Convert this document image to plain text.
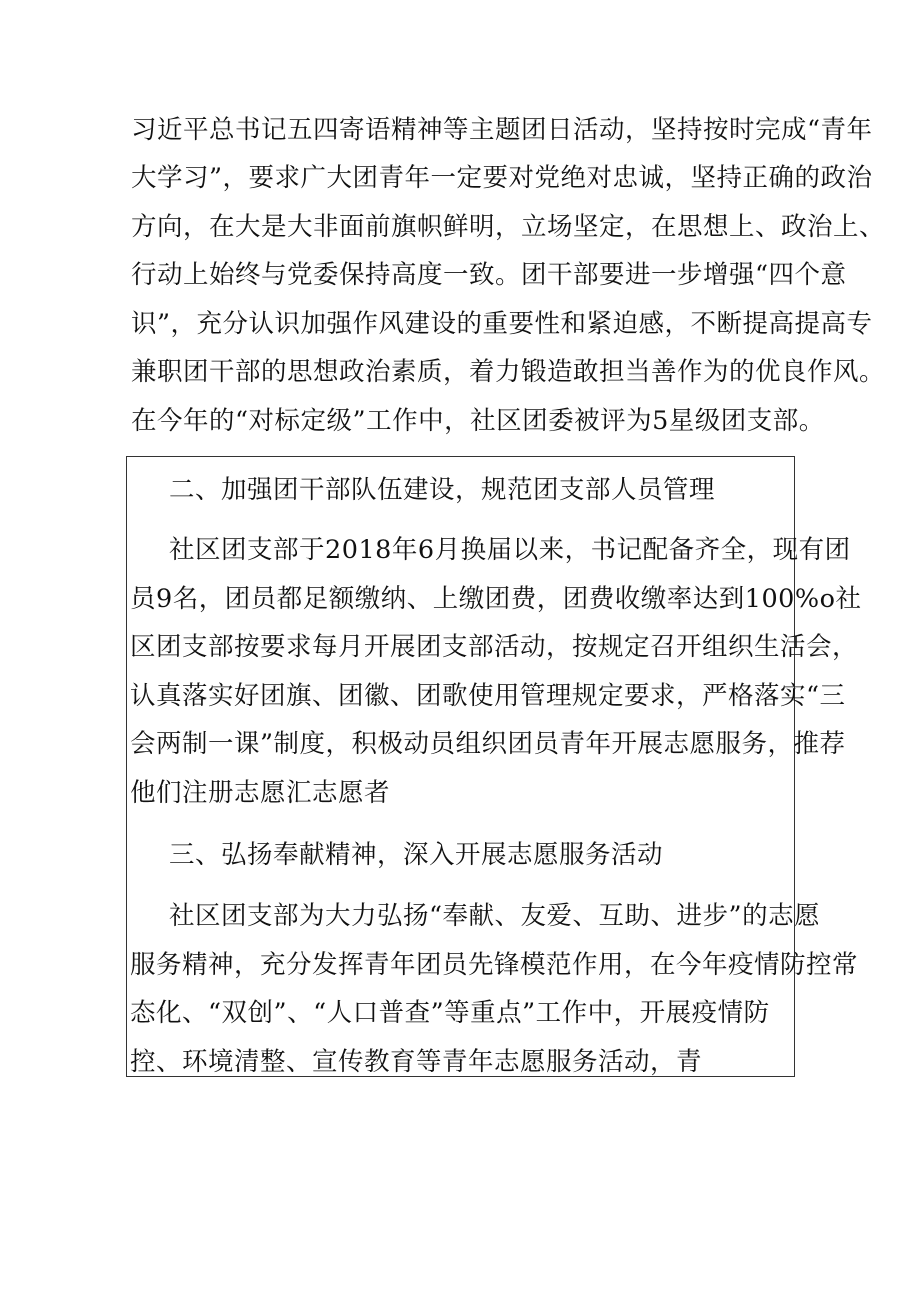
习近平总书记五四寄语精神等主题团日活动，坚持按时完成“青年
大学习”，要求广大团青年一定要对党绝对忠诚，坚持正确的政治
方向，在大是大非面前旗帜鲜明，立场坚定，在思想上、政治上、
行动上始终与党委保持高度一致。团干部要进一步增强“四个意
识”，充分认识加强作风建设的重要性和紧迫感，不断提高提高专
兼职团干部的思想政治素质，着力锻造敢担当善作为的优良作风。
在今年的“对标定级”工作中，社区团委被评为5星级团支部。
二、加强团干部队伍建设，规范团支部人员管理
社区团支部于2018年6月换届以来，书记配备齐全，现有团
员9名，团员都足额缴纳、上缴团费，团费收缴率达到100%o社
区团支部按要求每月开展团支部活动，按规定召开组织生活会，
认真落实好团旗、团徽、团歌使用管理规定要求，严格落实“三
会两制一课”制度，积极动员组织团员青年开展志愿服务，推荐
他们注册志愿汇志愿者
三、弘扬奉献精神，深入开展志愿服务活动
社区团支部为大力弘扬“奉献、友爱、互助、进步”的志愿
服务精神，充分发挥青年团员先锋模范作用，在今年疫情防控常
态化、“双创”、“人口普查”等重点”工作中，开展疫情防
控、环境清整、宣传教育等青年志愿服务活动，青
